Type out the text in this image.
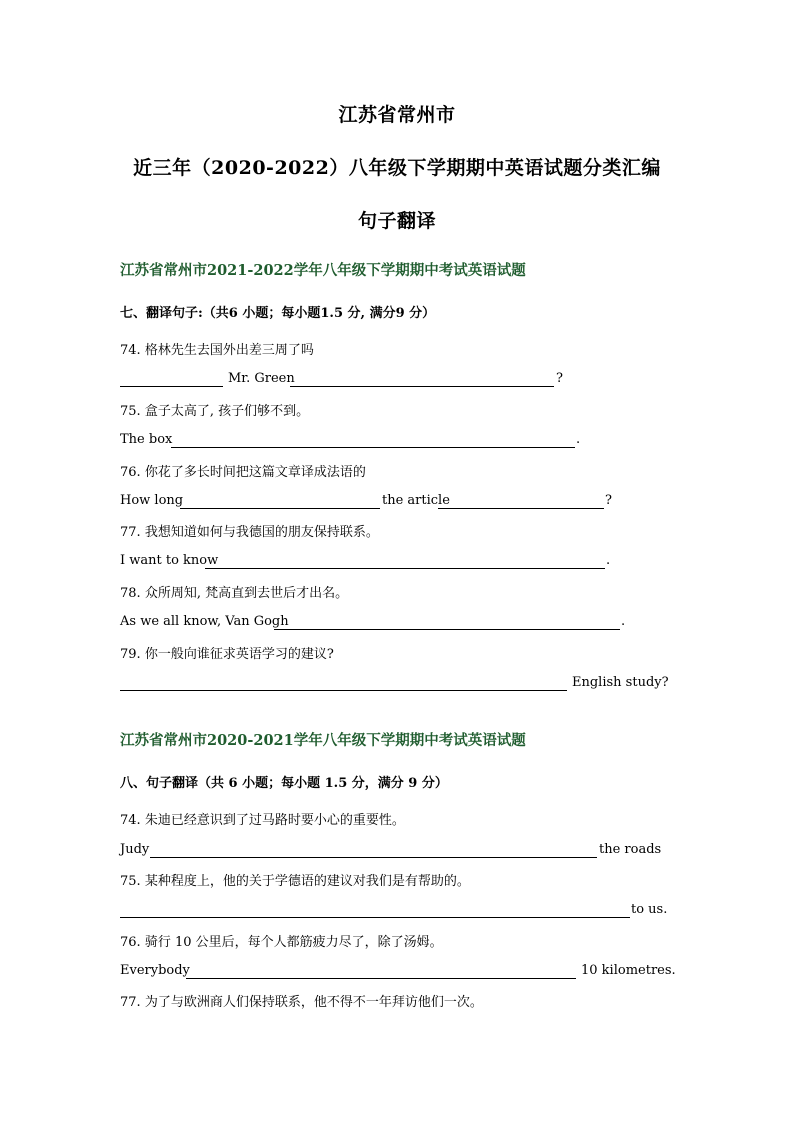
江苏省常州市
近三年（2020-2022）八年级下学期期中英语试题分类汇编
句子翻译
江苏省常州市2021-2022学年八年级下学期期中考试英语试题
七、翻译句子:（共6 小题；每小题1.5 分, 满分9 分）
74. 格林先生去国外出差三周了吗
Mr. Green	?
75. 盒子太高了, 孩子们够不到。
The box	.
76. 你花了多长时间把这篇文章译成法语的
How long	the article	?
77. 我想知道如何与我德国的朋友保持联系。
I want to know	.
78. 众所周知, 梵高直到去世后才出名。
As we all know, Van Gogh	.
79. 你一般向谁征求英语学习的建议?
English study?
江苏省常州市2020-2021学年八年级下学期期中考试英语试题
八、句子翻译（共 6 小题；每小题 1.5 分，满分 9 分）
74. 朱迪已经意识到了过马路时要小心的重要性。
Judy	the roads
75. 某种程度上，他的关于学德语的建议对我们是有帮助的。
to us.
76. 骑行 10 公里后，每个人都筋疲力尽了，除了汤姆。
Everybody	10 kilometres.
77. 为了与欧洲商人们保持联系，他不得不一年拜访他们一次。
